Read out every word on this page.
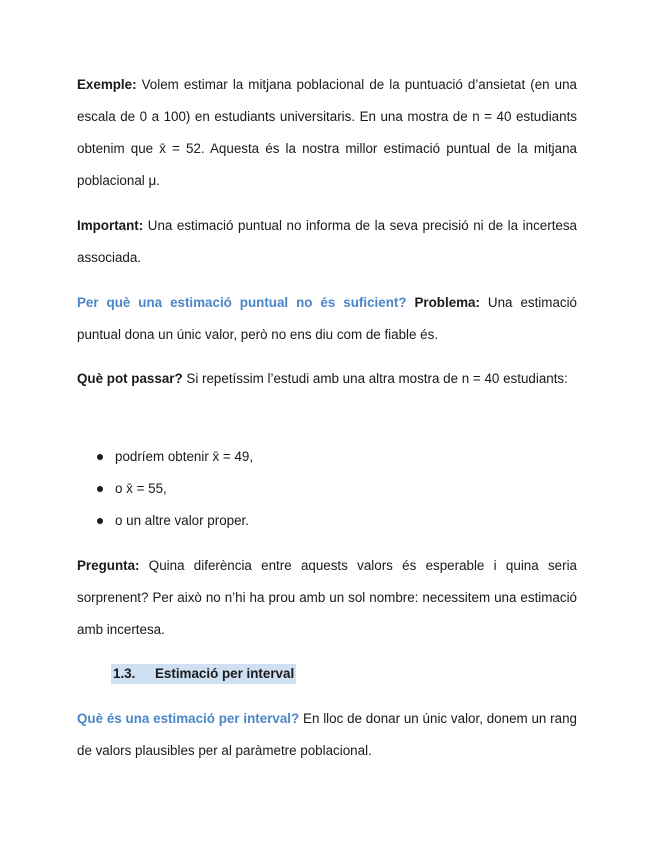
Exemple: Volem estimar la mitjana poblacional de la puntuació d’ansietat (en una escala de 0 a 100) en estudiants universitaris. En una mostra de n = 40 estudiants obtenim que x̄ = 52. Aquesta és la nostra millor estimació puntual de la mitjana poblacional μ.

Important: Una estimació puntual no informa de la seva precisió ni de la incertesa associada.

Per què una estimació puntual no és suficient? Problema: Una estimació puntual dona un únic valor, però no ens diu com de fiable és.

Què pot passar? Si repetíssim l’estudi amb una altra mostra de n = 40 estudiants:

podríem obtenir x̄ = 49,
o x̄ = 55,
o un altre valor proper.

Pregunta: Quina diferència entre aquests valors és esperable i quina seria sorprenent? Per això no n’hi ha prou amb un sol nombre: necessitem una estimació amb incertesa.

1.3. Estimació per interval

Què és una estimació per interval? En lloc de donar un únic valor, donem un rang de valors plausibles per al paràmetre poblacional.
